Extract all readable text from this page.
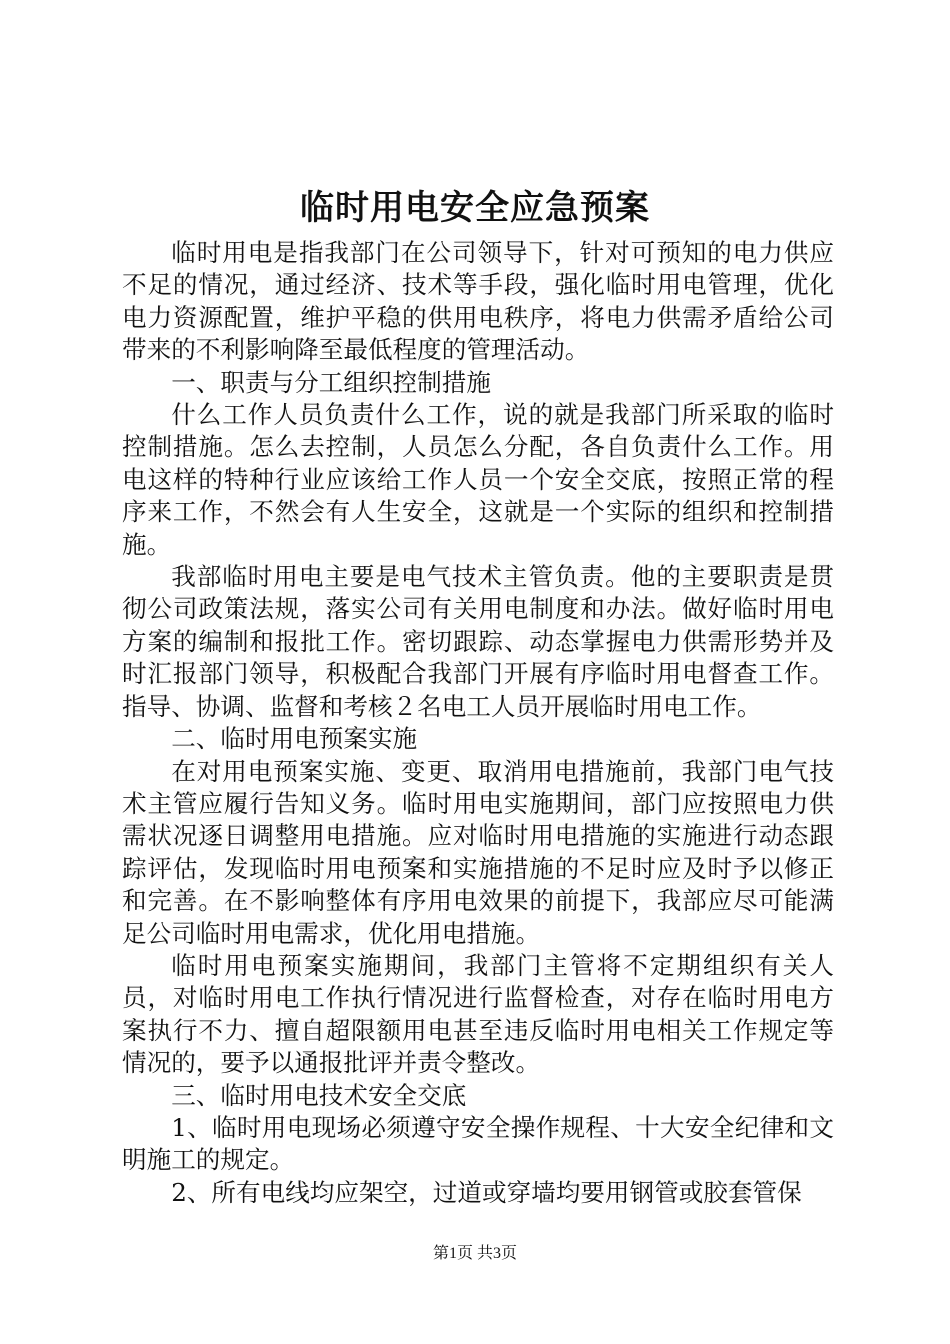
临时用电安全应急预案

临时用电是指我部门在公司领导下，针对可预知的电力供应不足的情况，通过经济、技术等手段，强化临时用电管理，优化电力资源配置，维护平稳的供用电秩序，将电力供需矛盾给公司带来的不利影响降至最低程度的管理活动。

一、职责与分工组织控制措施

什么工作人员负责什么工作，说的就是我部门所采取的临时控制措施。怎么去控制，人员怎么分配，各自负责什么工作。用电这样的特种行业应该给工作人员一个安全交底，按照正常的程序来工作，不然会有人生安全，这就是一个实际的组织和控制措施。

我部临时用电主要是电气技术主管负责。他的主要职责是贯彻公司政策法规，落实公司有关用电制度和办法。做好临时用电方案的编制和报批工作。密切跟踪、动态掌握电力供需形势并及时汇报部门领导，积极配合我部门开展有序临时用电督查工作。指导、协调、监督和考核２名电工人员开展临时用电工作。

二、临时用电预案实施

在对用电预案实施、变更、取消用电措施前，我部门电气技术主管应履行告知义务。临时用电实施期间，部门应按照电力供需状况逐日调整用电措施。应对临时用电措施的实施进行动态跟踪评估，发现临时用电预案和实施措施的不足时应及时予以修正和完善。在不影响整体有序用电效果的前提下，我部应尽可能满足公司临时用电需求，优化用电措施。

临时用电预案实施期间，我部门主管将不定期组织有关人员，对临时用电工作执行情况进行监督检查，对存在临时用电方案执行不力、擅自超限额用电甚至违反临时用电相关工作规定等情况的，要予以通报批评并责令整改。

三、临时用电技术安全交底

1、临时用电现场必须遵守安全操作规程、十大安全纪律和文明施工的规定。

2、所有电线均应架空，过道或穿墙均要用钢管或胶套管保

第1页 共3页
